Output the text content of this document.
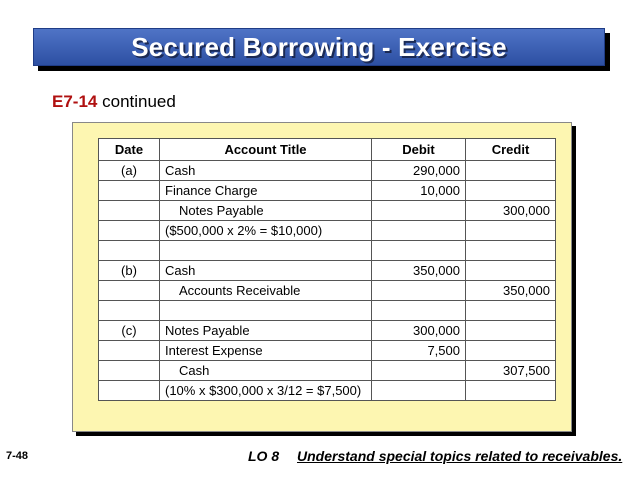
Secured Borrowing - Exercise
E7-14 continued
Date	Account Title	Debit	Credit
(a)	Cash	290,000	
	Finance Charge	10,000	
	Notes Payable		300,000
	($500,000 x 2% = $10,000)		

(b)	Cash	350,000	
	Accounts Receivable		350,000

(c)	Notes Payable	300,000	
	Interest Expense	7,500	
	Cash		307,500
	(10% x $300,000 x 3/12 = $7,500)		
7-48	LO 8 Understand special topics related to receivables.
